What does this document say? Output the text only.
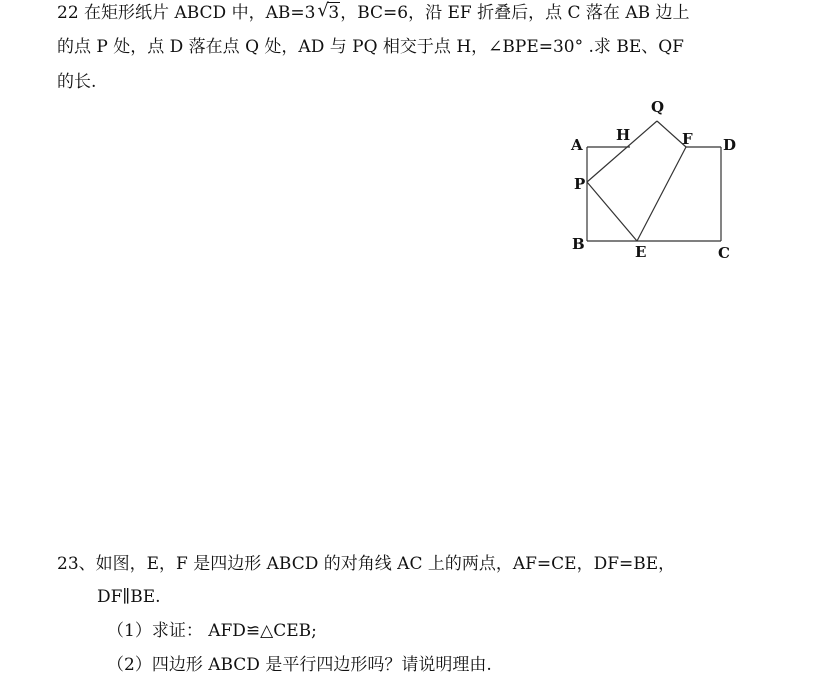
22 在矩形纸片 ABCD 中，AB=3 √ 3，BC=6，沿 EF 折叠后，点 C 落在 AB 边上
的点 P 处，点 D 落在点 Q 处，AD 与 PQ 相交于点 H，∠BPE=30° .求 BE、QF
的长.
Q
H	F
A	D
P
B	E	C
23、如图，E，F 是四边形 ABCD 的对角线 AC 上的两点，AF=CE，DF=BE，
DF∥BE.
（1）求证： AFD≌△CEB;
（2）四边形 ABCD 是平行四边形吗？请说明理由.
